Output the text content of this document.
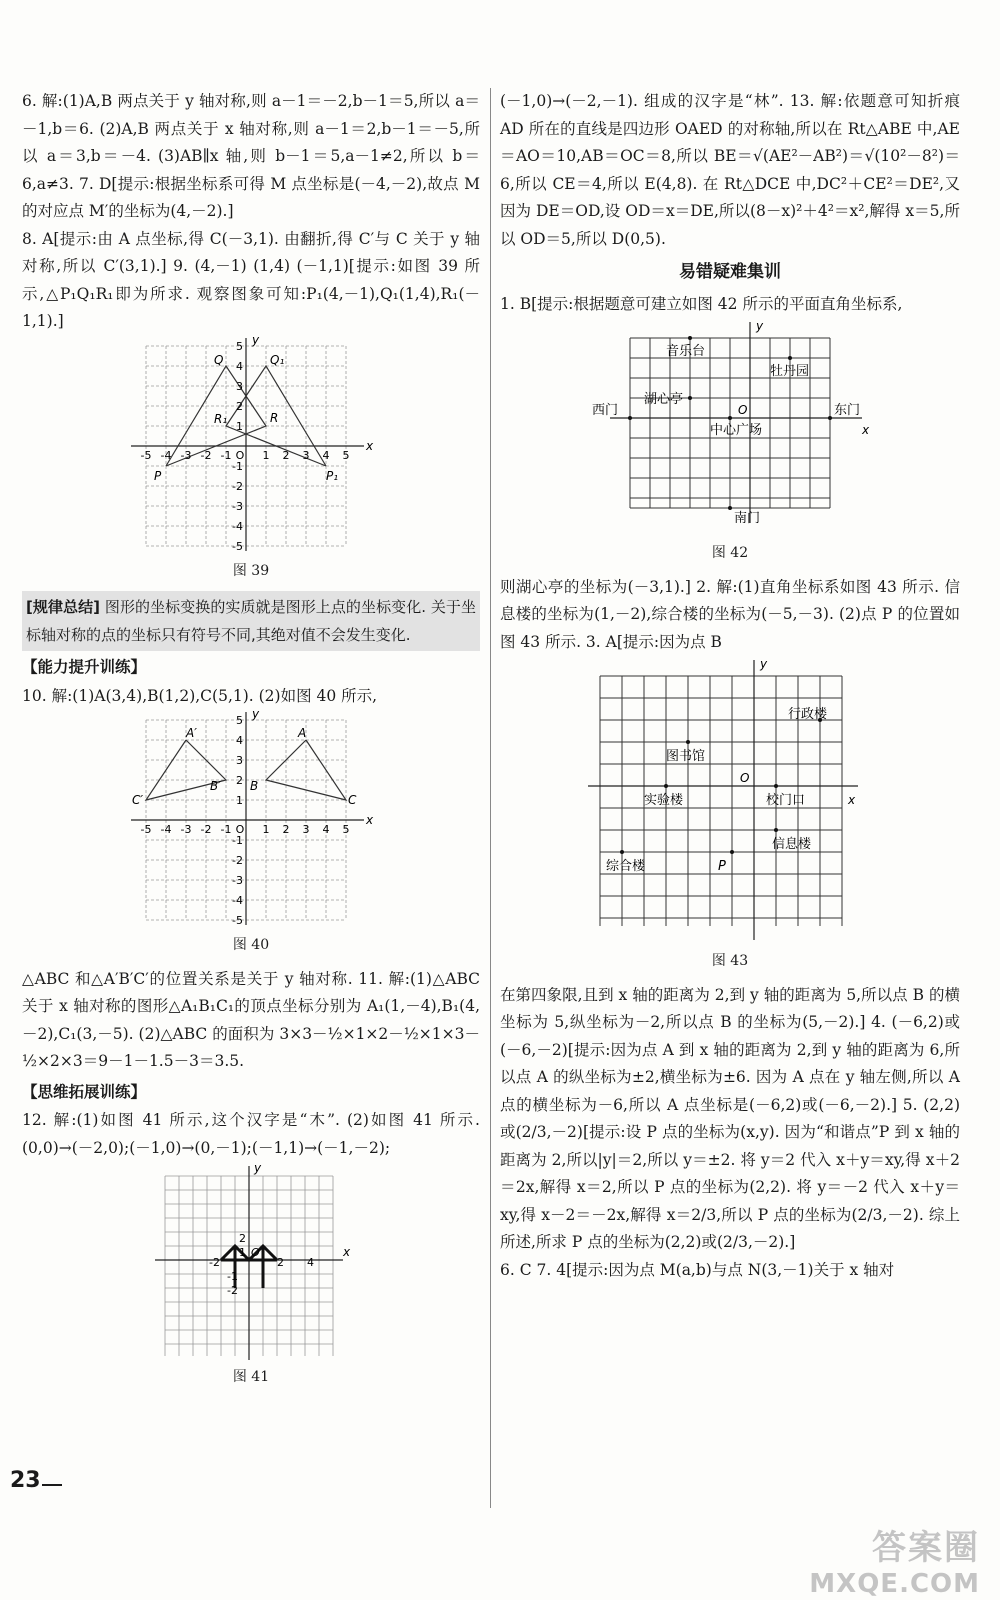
6. 解:(1)A,B 两点关于 y 轴对称,则 a－1＝－2,b－1＝5,所以 a＝－1,b＝6. (2)A,B 两点关于 x 轴对称,则 a－1＝2,b－1＝－5,所以 a＝3,b＝－4. (3)AB∥x 轴,则 b－1＝5,a－1≠2,所以 b＝6,a≠3. 7. D[提示:根据坐标系可得 M 点坐标是(－4,－2),故点 M 的对应点 M′的坐标为(4,－2).]

8. A[提示:由 A 点坐标,得 C(－3,1). 由翻折,得 C′与 C 关于 y 轴对称,所以 C′(3,1).] 9. (4,－1) (1,4) (－1,1)[提示:如图 39 所示,△P₁Q₁R₁即为所求. 观察图象可知:P₁(4,－1),Q₁(1,4),R₁(－1,1).]

x
y
-5 -4 -3 -2 -1 O 1 2 3 4 5
5
4
3
2
1
-1
-2
-3
-4
-5
Q	Q₁
R₁	R
P	P₁

图 39

[规律总结] 图形的坐标变换的实质就是图形上点的坐标变化. 关于坐标轴对称的点的坐标只有符号不同,其绝对值不会发生变化.

【能力提升训练】

10. 解:(1)A(3,4),B(1,2),C(5,1). (2)如图 40 所示,

x
y
-5 -4 -3 -2 -1 O 1 2 3 4 5
5
4
3
2
1
-1
-2
-3
-4
-5
A′	A
B′ B
C′	C

图 40

△ABC 和△A′B′C′的位置关系是关于 y 轴对称. 11. 解:(1)△ABC 关于 x 轴对称的图形△A₁B₁C₁的顶点坐标分别为 A₁(1,－4),B₁(4,－2),C₁(3,－5). (2)△ABC 的面积为 3×3－½×1×2－½×1×3－½×2×3＝9－1－1.5－3＝3.5.

【思维拓展训练】

12. 解:(1)如图 41 所示,这个汉字是“木”. (2)如图 41 所示.(0,0)→(－2,0);(－1,0)→(0,－1);(－1,1)→(－1,－2);

x
y
-2
1
2
4
2
-1
-2
O

图 41

(－1,0)→(－2,－1). 组成的汉字是“林”. 13. 解:依题意可知折痕 AD 所在的直线是四边形 OAED 的对称轴,所以在 Rt△ABE 中,AE＝AO＝10,AB＝OC＝8,所以 BE＝√(AE²－AB²)＝√(10²－8²)＝6,所以 CE＝4,所以 E(4,8). 在 Rt△DCE 中,DC²＋CE²＝DE²,又因为 DE＝OD,设 OD＝x＝DE,所以(8－x)²＋4²＝x²,解得 x＝5,所以 OD＝5,所以 D(0,5).

易错疑难集训

1. B[提示:根据题意可建立如图 42 所示的平面直角坐标系,

x
y
O
音乐台
牡丹园
西门
湖心亭
东门
中心广场
南门

图 42

则湖心亭的坐标为(－3,1).] 2. 解:(1)直角坐标系如图 43 所示. 信息楼的坐标为(1,－2),综合楼的坐标为(－5,－3). (2)点 P 的位置如图 43 所示. 3. A[提示:因为点 B

x
y
O
行政楼
图书馆
实验楼	校门口
信息楼
综合楼	P

图 43

在第四象限,且到 x 轴的距离为 2,到 y 轴的距离为 5,所以点 B 的横坐标为 5,纵坐标为－2,所以点 B 的坐标为(5,－2).] 4. (－6,2)或(－6,－2)[提示:因为点 A 到 x 轴的距离为 2,到 y 轴的距离为 6,所以点 A 的纵坐标为±2,横坐标为±6. 因为 A 点在 y 轴左侧,所以 A 点的横坐标为－6,所以 A 点坐标是(－6,2)或(－6,－2).] 5. (2,2)或(2/3,－2)[提示:设 P 点的坐标为(x,y). 因为“和谐点”P 到 x 轴的距离为 2,所以|y|＝2,所以 y＝±2. 将 y＝2 代入 x＋y＝xy,得 x＋2＝2x,解得 x＝2,所以 P 点的坐标为(2,2). 将 y＝－2 代入 x＋y＝xy,得 x－2＝－2x,解得 x＝2/3,所以 P 点的坐标为(2/3,－2). 综上所述,所求 P 点的坐标为(2,2)或(2/3,－2).]

6. C 7. 4[提示:因为点 M(a,b)与点 N(3,－1)关于 x 轴对

23
答案圈
MXQE.COM
